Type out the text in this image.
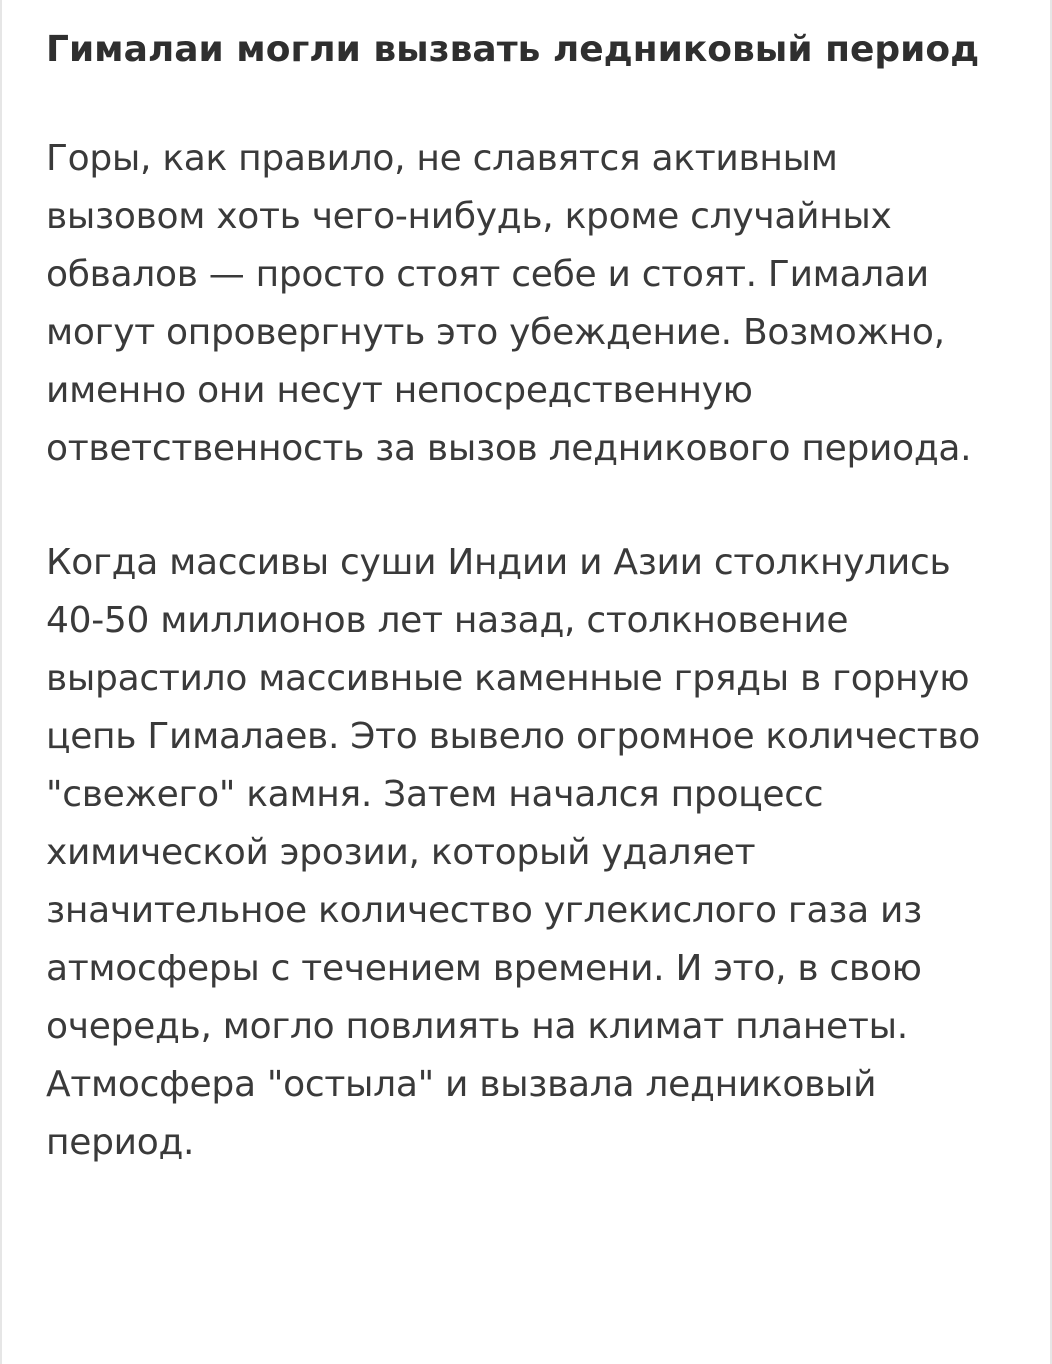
Гималаи могли вызвать ледниковый период

Горы, как правило, не славятся активным вызовом хоть чего-нибудь, кроме случайных обвалов — просто стоят себе и стоят. Гималаи могут опровергнуть это убеждение. Возможно, именно они несут непосредственную ответственность за вызов ледникового периода.

Когда массивы суши Индии и Азии столкнулись 40-50 миллионов лет назад, столкновение вырастило массивные каменные гряды в горную цепь Гималаев. Это вывело огромное количество "свежего" камня. Затем начался процесс химической эрозии, который удаляет значительное количество углекислого газа из атмосферы с течением времени. И это, в свою очередь, могло повлиять на климат планеты. Атмосфера "остыла" и вызвала ледниковый период.
